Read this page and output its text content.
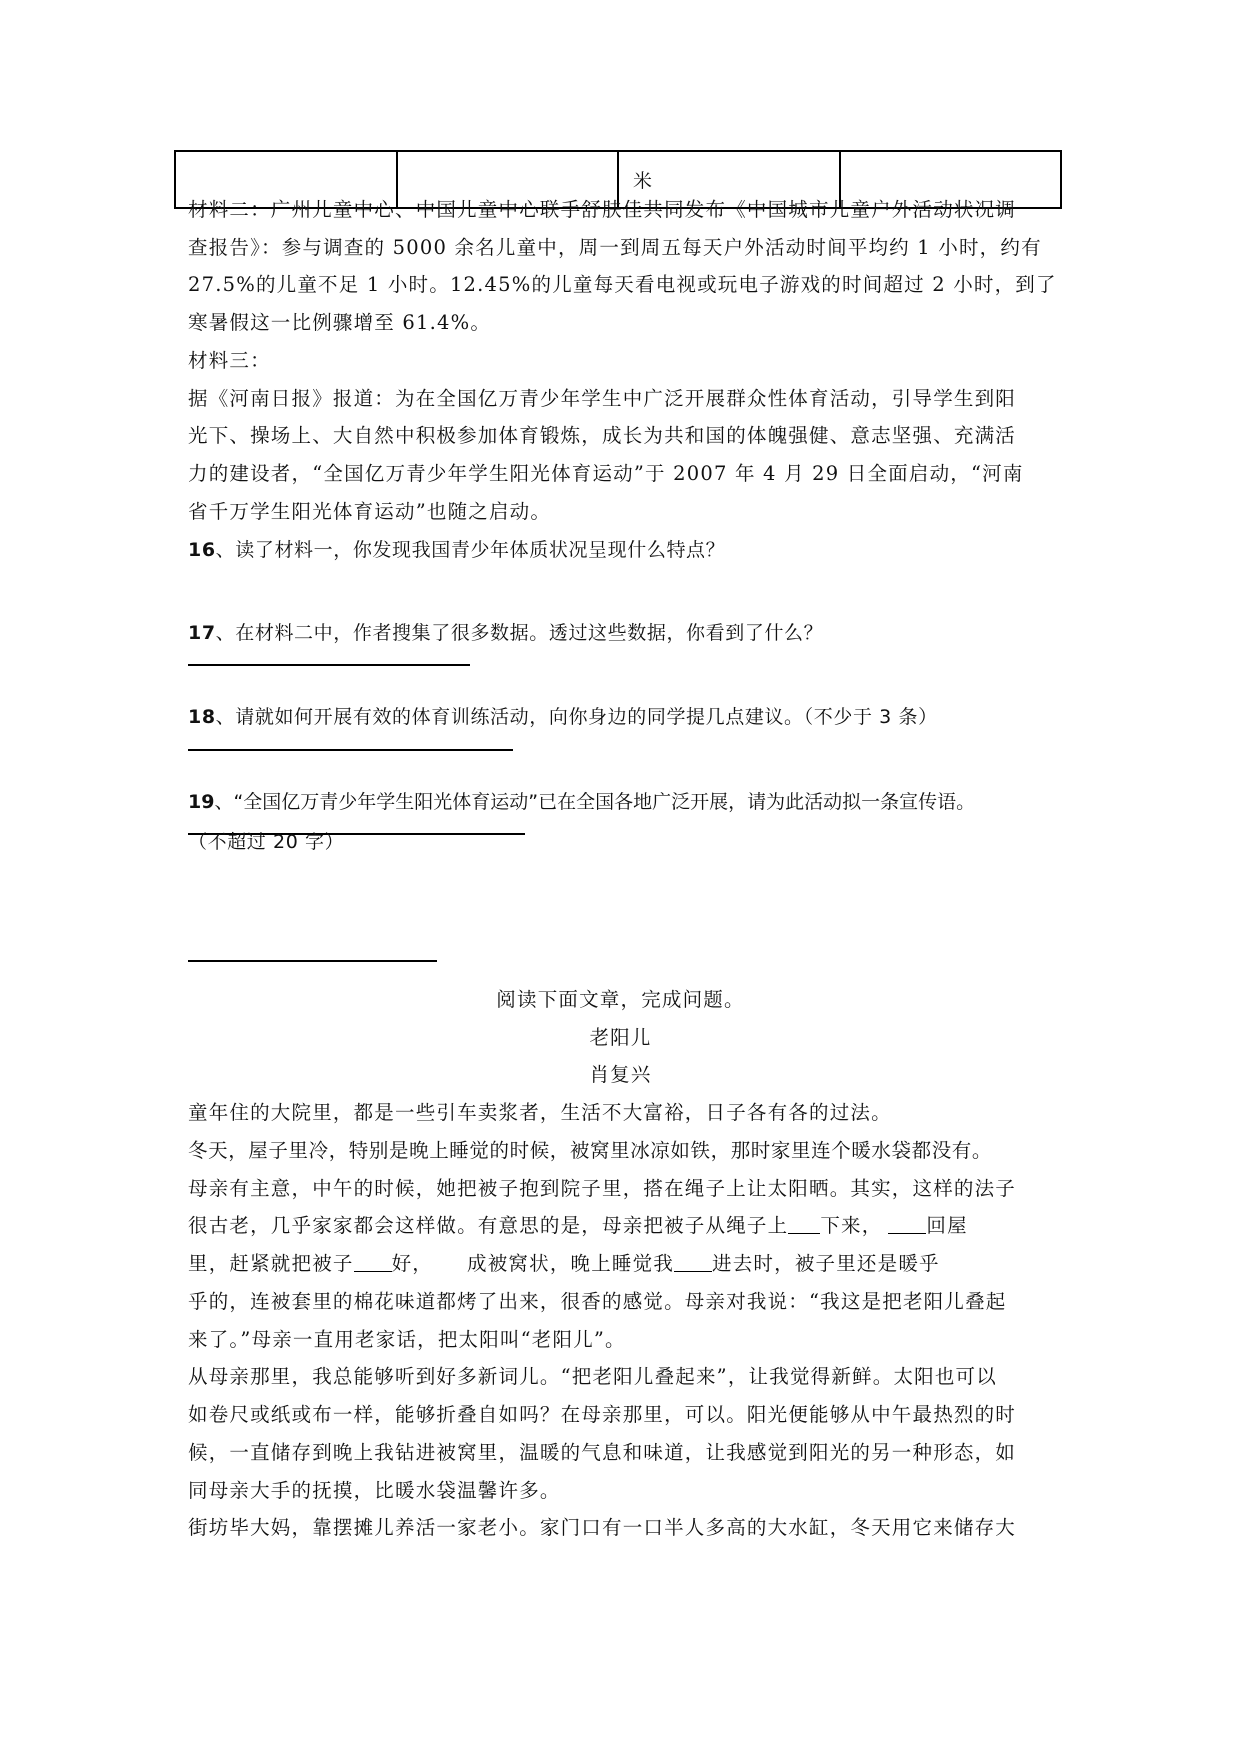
		米	
材料二：广州儿童中心、中国儿童中心联手舒肤佳共同发布《中国城市儿童户外活动状况调
查报告》：参与调查的 5000 余名儿童中，周一到周五每天户外活动时间平均约 1 小时，约有
27.5%的儿童不足 1 小时。12.45%的儿童每天看电视或玩电子游戏的时间超过 2 小时，到了
寒暑假这一比例骤增至 61.4%。
材料三：
据《河南日报》报道：为在全国亿万青少年学生中广泛开展群众性体育活动，引导学生到阳
光下、操场上、大自然中积极参加体育锻炼，成长为共和国的体魄强健、意志坚强、充满活
力的建设者，“全国亿万青少年学生阳光体育运动”于 2007 年 4 月 29 日全面启动，“河南
省千万学生阳光体育运动”也随之启动。
16、读了材料一，你发现我国青少年体质状况呈现什么特点？
17、在材料二中，作者搜集了很多数据。透过这些数据，你看到了什么？
18、请就如何开展有效的体育训练活动，向你身边的同学提几点建议。（不少于 3 条）
19、“全国亿万青少年学生阳光体育运动”已在全国各地广泛开展，请为此活动拟一条宣传语。
（不超过 20 字）
阅读下面文章，完成问题。
老阳儿
肖复兴
童年住的大院里，都是一些引车卖浆者，生活不大富裕，日子各有各的过法。
冬天，屋子里冷，特别是晚上睡觉的时候，被窝里冰凉如铁，那时家里连个暖水袋都没有。
母亲有主意，中午的时候，她把被子抱到院子里，搭在绳子上让太阳晒。其实，这样的法子
很古老，几乎家家都会这样做。有意思的是，母亲把被子从绳子上 下来， 回屋
里，赶紧就把被子 好， 成被窝状，晚上睡觉我 进去时，被子里还是暖乎
乎的，连被套里的棉花味道都烤了出来，很香的感觉。母亲对我说：“我这是把老阳儿叠起
来了。”母亲一直用老家话，把太阳叫“老阳儿”。
从母亲那里，我总能够听到好多新词儿。“把老阳儿叠起来”，让我觉得新鲜。太阳也可以
如卷尺或纸或布一样，能够折叠自如吗？在母亲那里，可以。阳光便能够从中午最热烈的时
候，一直储存到晚上我钻进被窝里，温暖的气息和味道，让我感觉到阳光的另一种形态，如
同母亲大手的抚摸，比暖水袋温馨许多。
街坊毕大妈，靠摆摊儿养活一家老小。家门口有一口半人多高的大水缸，冬天用它来储存大
